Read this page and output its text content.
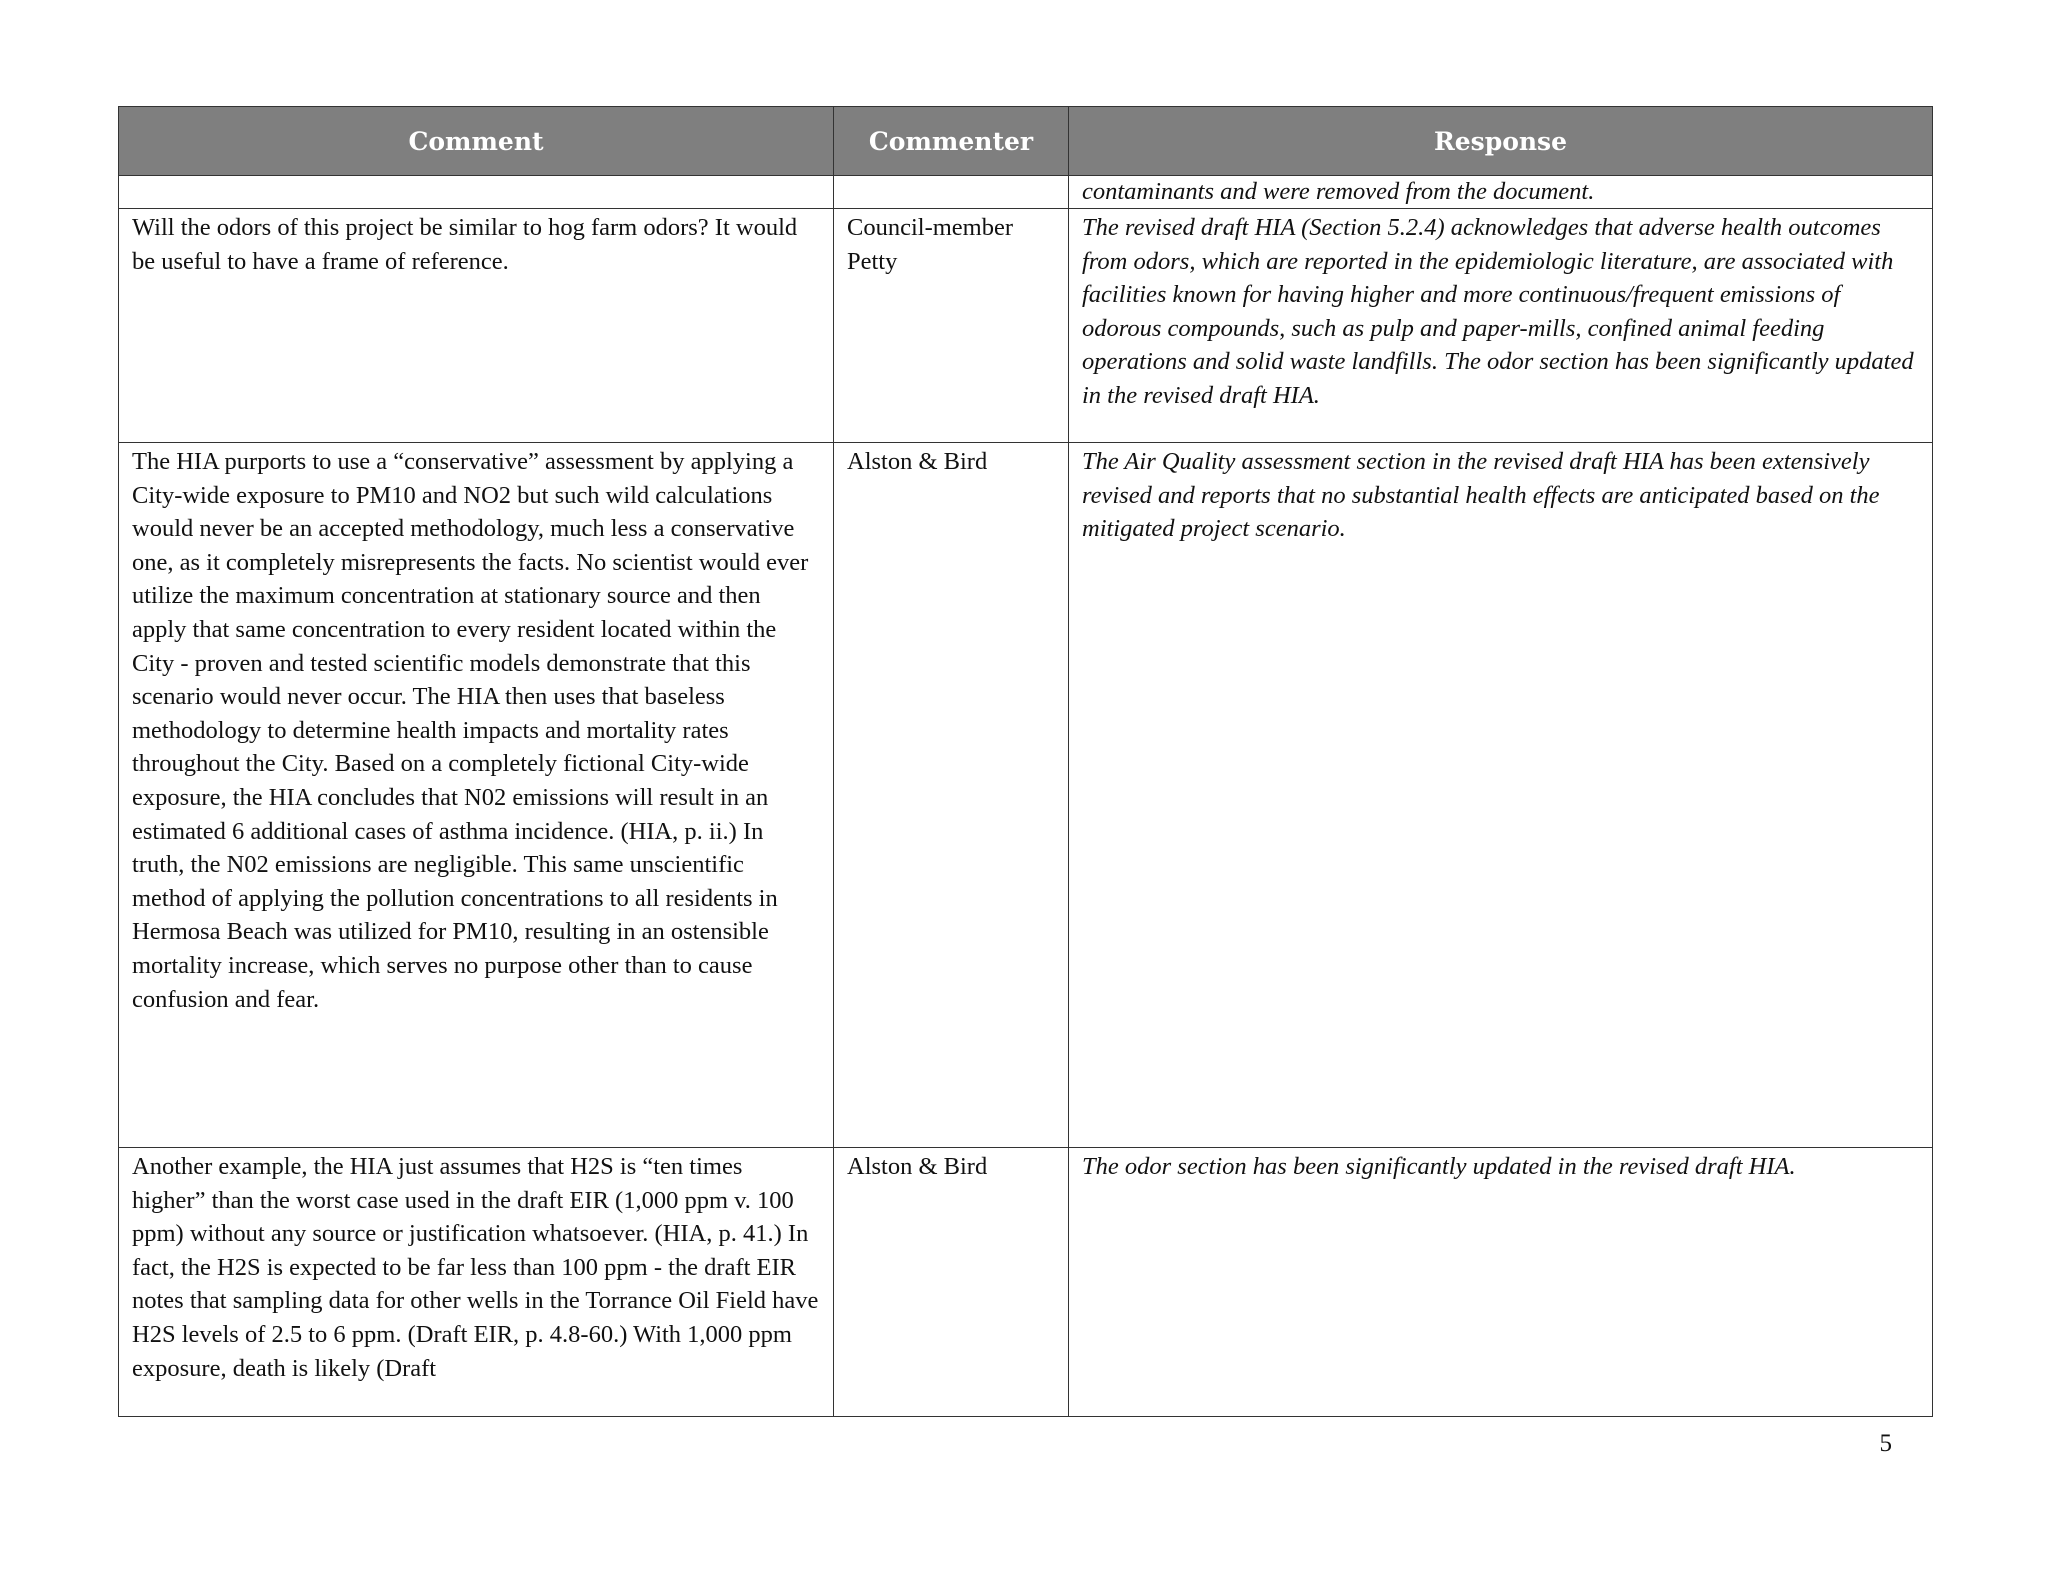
Comment	Commenter	Response
		contaminants and were removed from the document.
Will the odors of this project be similar to hog farm odors? It would be useful to have a frame of reference.	Council-member Petty	The revised draft HIA (Section 5.2.4) acknowledges that adverse health outcomes from odors, which are reported in the epidemiologic literature, are associated with facilities known for having higher and more continuous/frequent emissions of odorous compounds, such as pulp and paper-mills, confined animal feeding operations and solid waste landfills. The odor section has been significantly updated in the revised draft HIA.
The HIA purports to use a “conservative” assessment by applying a City-wide exposure to PM10 and NO2 but such wild calculations would never be an accepted methodology, much less a conservative one, as it completely misrepresents the facts. No scientist would ever utilize the maximum concentration at stationary source and then apply that same concentration to every resident located within the City - proven and tested scientific models demonstrate that this scenario would never occur. The HIA then uses that baseless methodology to determine health impacts and mortality rates throughout the City. Based on a completely fictional City-wide exposure, the HIA concludes that N02 emissions will result in an estimated 6 additional cases of asthma incidence. (HIA, p. ii.) In truth, the N02 emissions are negligible. This same unscientific method of applying the pollution concentrations to all residents in Hermosa Beach was utilized for PM10, resulting in an ostensible mortality increase, which serves no purpose other than to cause confusion and fear.	Alston & Bird	The Air Quality assessment section in the revised draft HIA has been extensively revised and reports that no substantial health effects are anticipated based on the mitigated project scenario.
Another example, the HIA just assumes that H2S is “ten times higher” than the worst case used in the draft EIR (1,000 ppm v. 100 ppm) without any source or justification whatsoever. (HIA, p. 41.) In fact, the H2S is expected to be far less than 100 ppm - the draft EIR notes that sampling data for other wells in the Torrance Oil Field have H2S levels of 2.5 to 6 ppm. (Draft EIR, p. 4.8-60.) With 1,000 ppm exposure, death is likely (Draft	Alston & Bird	The odor section has been significantly updated in the revised draft HIA.
5
